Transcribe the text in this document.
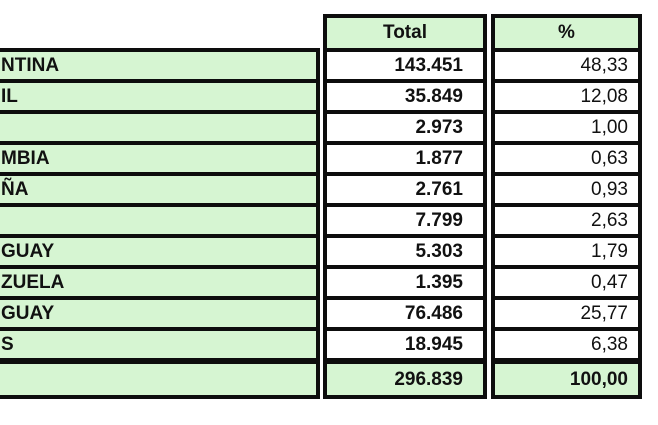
NTINA
IL
MBIA
ÑA
GUAY
ZUELA
GUAY
S
Total
143.451
35.849
2.973
1.877
2.761
7.799
5.303
1.395
76.486
18.945
296.839
%
48,33
12,08
1,00
0,63
0,93
2,63
1,79
0,47
25,77
6,38
100,00
